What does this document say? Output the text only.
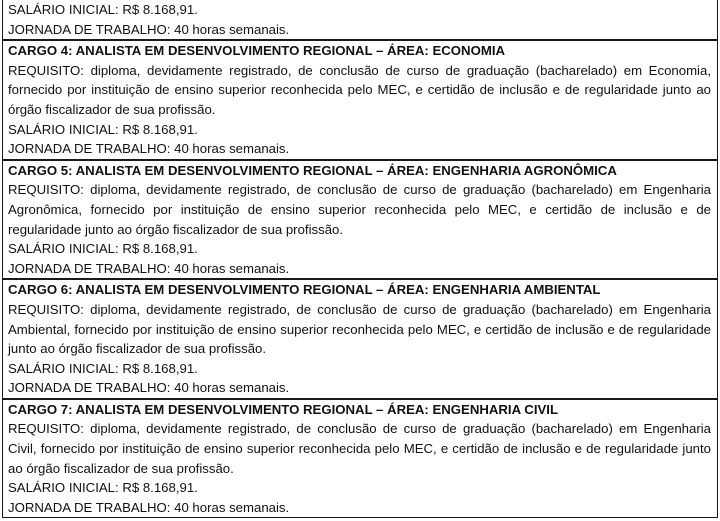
SALÁRIO INICIAL: R$ 8.168,91.
JORNADA DE TRABALHO: 40 horas semanais.
CARGO 4: ANALISTA EM DESENVOLVIMENTO REGIONAL – ÁREA: ECONOMIA
REQUISITO: diploma, devidamente registrado, de conclusão de curso de graduação (bacharelado) em Economia, fornecido por instituição de ensino superior reconhecida pelo MEC, e certidão de inclusão e de regularidade junto ao órgão fiscalizador de sua profissão.
SALÁRIO INICIAL: R$ 8.168,91.
JORNADA DE TRABALHO: 40 horas semanais.
CARGO 5: ANALISTA EM DESENVOLVIMENTO REGIONAL – ÁREA: ENGENHARIA AGRONÔMICA
REQUISITO: diploma, devidamente registrado, de conclusão de curso de graduação (bacharelado) em Engenharia Agronômica, fornecido por instituição de ensino superior reconhecida pelo MEC, e certidão de inclusão e de regularidade junto ao órgão fiscalizador de sua profissão.
SALÁRIO INICIAL: R$ 8.168,91.
JORNADA DE TRABALHO: 40 horas semanais.
CARGO 6: ANALISTA EM DESENVOLVIMENTO REGIONAL – ÁREA: ENGENHARIA AMBIENTAL
REQUISITO: diploma, devidamente registrado, de conclusão de curso de graduação (bacharelado) em Engenharia Ambiental, fornecido por instituição de ensino superior reconhecida pelo MEC, e certidão de inclusão e de regularidade junto ao órgão fiscalizador de sua profissão.
SALÁRIO INICIAL: R$ 8.168,91.
JORNADA DE TRABALHO: 40 horas semanais.
CARGO 7: ANALISTA EM DESENVOLVIMENTO REGIONAL – ÁREA: ENGENHARIA CIVIL
REQUISITO: diploma, devidamente registrado, de conclusão de curso de graduação (bacharelado) em Engenharia Civil, fornecido por instituição de ensino superior reconhecida pelo MEC, e certidão de inclusão e de regularidade junto ao órgão fiscalizador de sua profissão.
SALÁRIO INICIAL: R$ 8.168,91.
JORNADA DE TRABALHO: 40 horas semanais.
